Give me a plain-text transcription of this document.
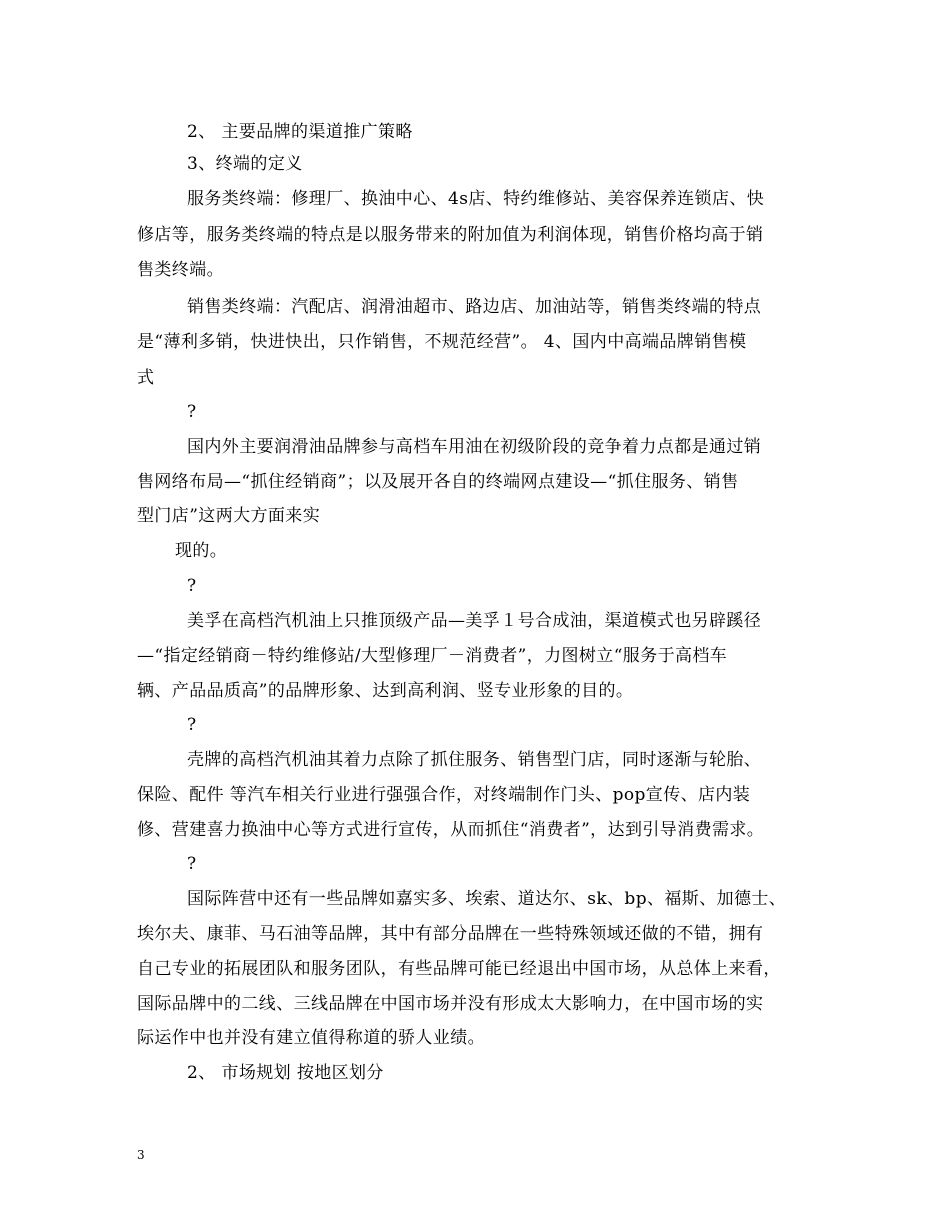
2、 主要品牌的渠道推广策略
3、终端的定义
服务类终端：修理厂、换油中心、4s店、特约维修站、美容保养连锁店、快
修店等，服务类终端的特点是以服务带来的附加值为利润体现，销售价格均高于销
售类终端。
销售类终端：汽配店、润滑油超市、路边店、加油站等，销售类终端的特点
是“薄利多销，快进快出，只作销售，不规范经营”。 4、国内中高端品牌销售模
式
?
国内外主要润滑油品牌参与高档车用油在初级阶段的竞争着力点都是通过销
售网络布局—“抓住经销商”；以及展开各自的终端网点建设—“抓住服务、销售
型门店”这两大方面来实
现的。
?
美孚在高档汽机油上只推顶级产品—美孚１号合成油，渠道模式也另辟蹊径
—“指定经销商－特约维修站/大型修理厂－消费者”，力图树立“服务于高档车
辆、产品品质高”的品牌形象、达到高利润、竖专业形象的目的。
?
壳牌的高档汽机油其着力点除了抓住服务、销售型门店，同时逐渐与轮胎、
保险、配件 等汽车相关行业进行强强合作，对终端制作门头、pop宣传、店内装
修、营建喜力换油中心等方式进行宣传，从而抓住“消费者”，达到引导消费需求。
?
国际阵营中还有一些品牌如嘉实多、埃索、道达尔、sk、bp、福斯、加德士、
埃尔夫、康菲、马石油等品牌，其中有部分品牌在一些特殊领域还做的不错，拥有
自己专业的拓展团队和服务团队，有些品牌可能已经退出中国市场，从总体上来看，
国际品牌中的二线、三线品牌在中国市场并没有形成太大影响力，在中国市场的实
际运作中也并没有建立值得称道的骄人业绩。
2、 市场规划 按地区划分
3
